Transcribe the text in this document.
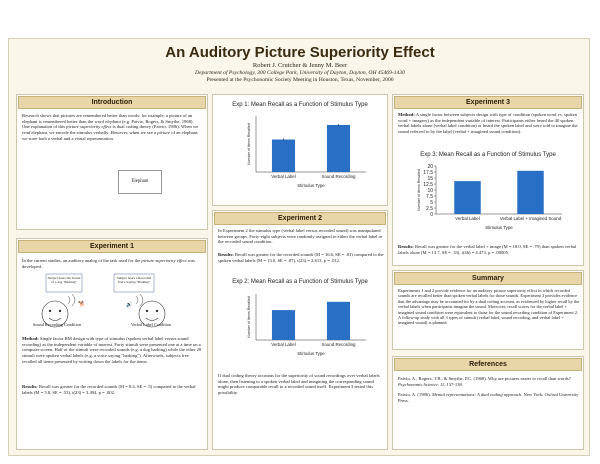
An Auditory Picture Superiority Effect
Robert J. Crutcher & Jenny M. Beer
Department of Psychology, 300 College Park, University of Dayton, Dayton, OH 45469-1430
Presented at the Psychonomic Society Meeting in Houston, Texas, November, 2006
Introduction
Research shows that pictures are remembered better than words: for example, a picture of an elephant is remembered better than the word elephant (e.g. Paivio, Rogers, & Smythe, 1968). One explanation of this picture superiority effect is dual coding theory (Paivio, 1986). When we read elephant, we encode the stimulus verbally. However, when we see a picture of an elephant, we store both a verbal and a visual representation.
Elephant
Experiment 1
In the current studies, an auditory analog of the task used for the picture superiority effect was developed.
🐕	🔊
Subject hears the Sound of a dog "Barking"
Subject hears a Recorded Voice Saying "Barking"
Sound Recording Condition	Verbal Label Condition
Method: Single factor RM design with type of stimulus (spoken verbal label versus sound recording) as the independent variable of interest. Forty stimuli were presented one at a time on a computer screen. Half of the stimuli were recorded sounds (e.g. a dog barking) while the other 20 stimuli were spoken verbal labels (e.g. a voice saying "barking"). Afterwards, subjects free recalled all items presented by writing down the labels for the items.
Results: Recall was greater for the recorded sounds (M = 8.4, SE = .5) compared to the verbal labels (M = 5.8, SE = .53), t(23) = 3.494, p = .002.
Exp 1: Mean Recall as a Function of Stimulus Type
Number of Items Recalled
Verbal Label	Sound Recording
Stimulus Type
Experiment 2
In Experiment 2 the stimulus type (verbal label versus recorded sound) was manipulated between groups. Forty-eight subjects were randomly assigned to either the verbal label or the recorded sound condition.
Results: Recall was greater for the recorded sounds (M = 16.6, SE = .83) compared to the spoken verbal labels (M = 13.0, SE = .87), t(23) = 2.613, p = .012.
Exp 2: Mean Recall as a Function of Stimulus Type
Number of Items Recalled
Verbal Label	Sound Recording
Stimulus Type
If dual coding theory accounts for the superiority of sound recordings over verbal labels alone, then listening to a spoken verbal label and imagining the corresponding sound might produce comparable recall to a recorded sound itself. Experiment 3 tested this possibility.
Experiment 3
Method: A single factor between subjects design with type of condition (spoken word vs. spoken word + imagery) as the independent variable of interest. Participants either heard the 40 spoken verbal labels alone (verbal label condition) or heard the spoken label and were told to imagine the sound referred to by the label (verbal + imagined sound condition).
Exp 3: Mean Recall as a Function of Stimulus Type
0
2.5
5
7.5
10
12.5
15
17.5
20
Number of Items Recalled
Verbal Label	Verbal Label + Imagined Sound
Stimulus Type
Results: Recall was greater for the verbal label + image (M = 18.0, SE = .79) than spoken verbal labels alone (M = 13.7, SE = .33), t(46) = 4.473, p = .00005.
Summary
Experiments 1 and 2 provide evidence for an auditory picture superiority effect in which recorded sounds are recalled better than spoken verbal labels for those sounds. Experiment 3 provides evidence that the advantage may be accounted for by a dual coding account, as evidenced by higher recall by the verbal labels when participants imagine the sound. Moreover, recall scores for the verbal label + imagined sound condition were equivalent to those for the sound recording condition of Experiment 2. A follow-up study with all 3 types of stimuli (verbal label, sound recording, and verbal label + imagined sound) is planned.
References
Paivio, A., Rogers, T.B., & Smythe, P.C. (1968). Why are pictures easier to recall than words? Psychonomic Science, 11, 137-138.
Paivio, A. (1986). Mental representations: A dual coding approach. New York: Oxford University Press.
